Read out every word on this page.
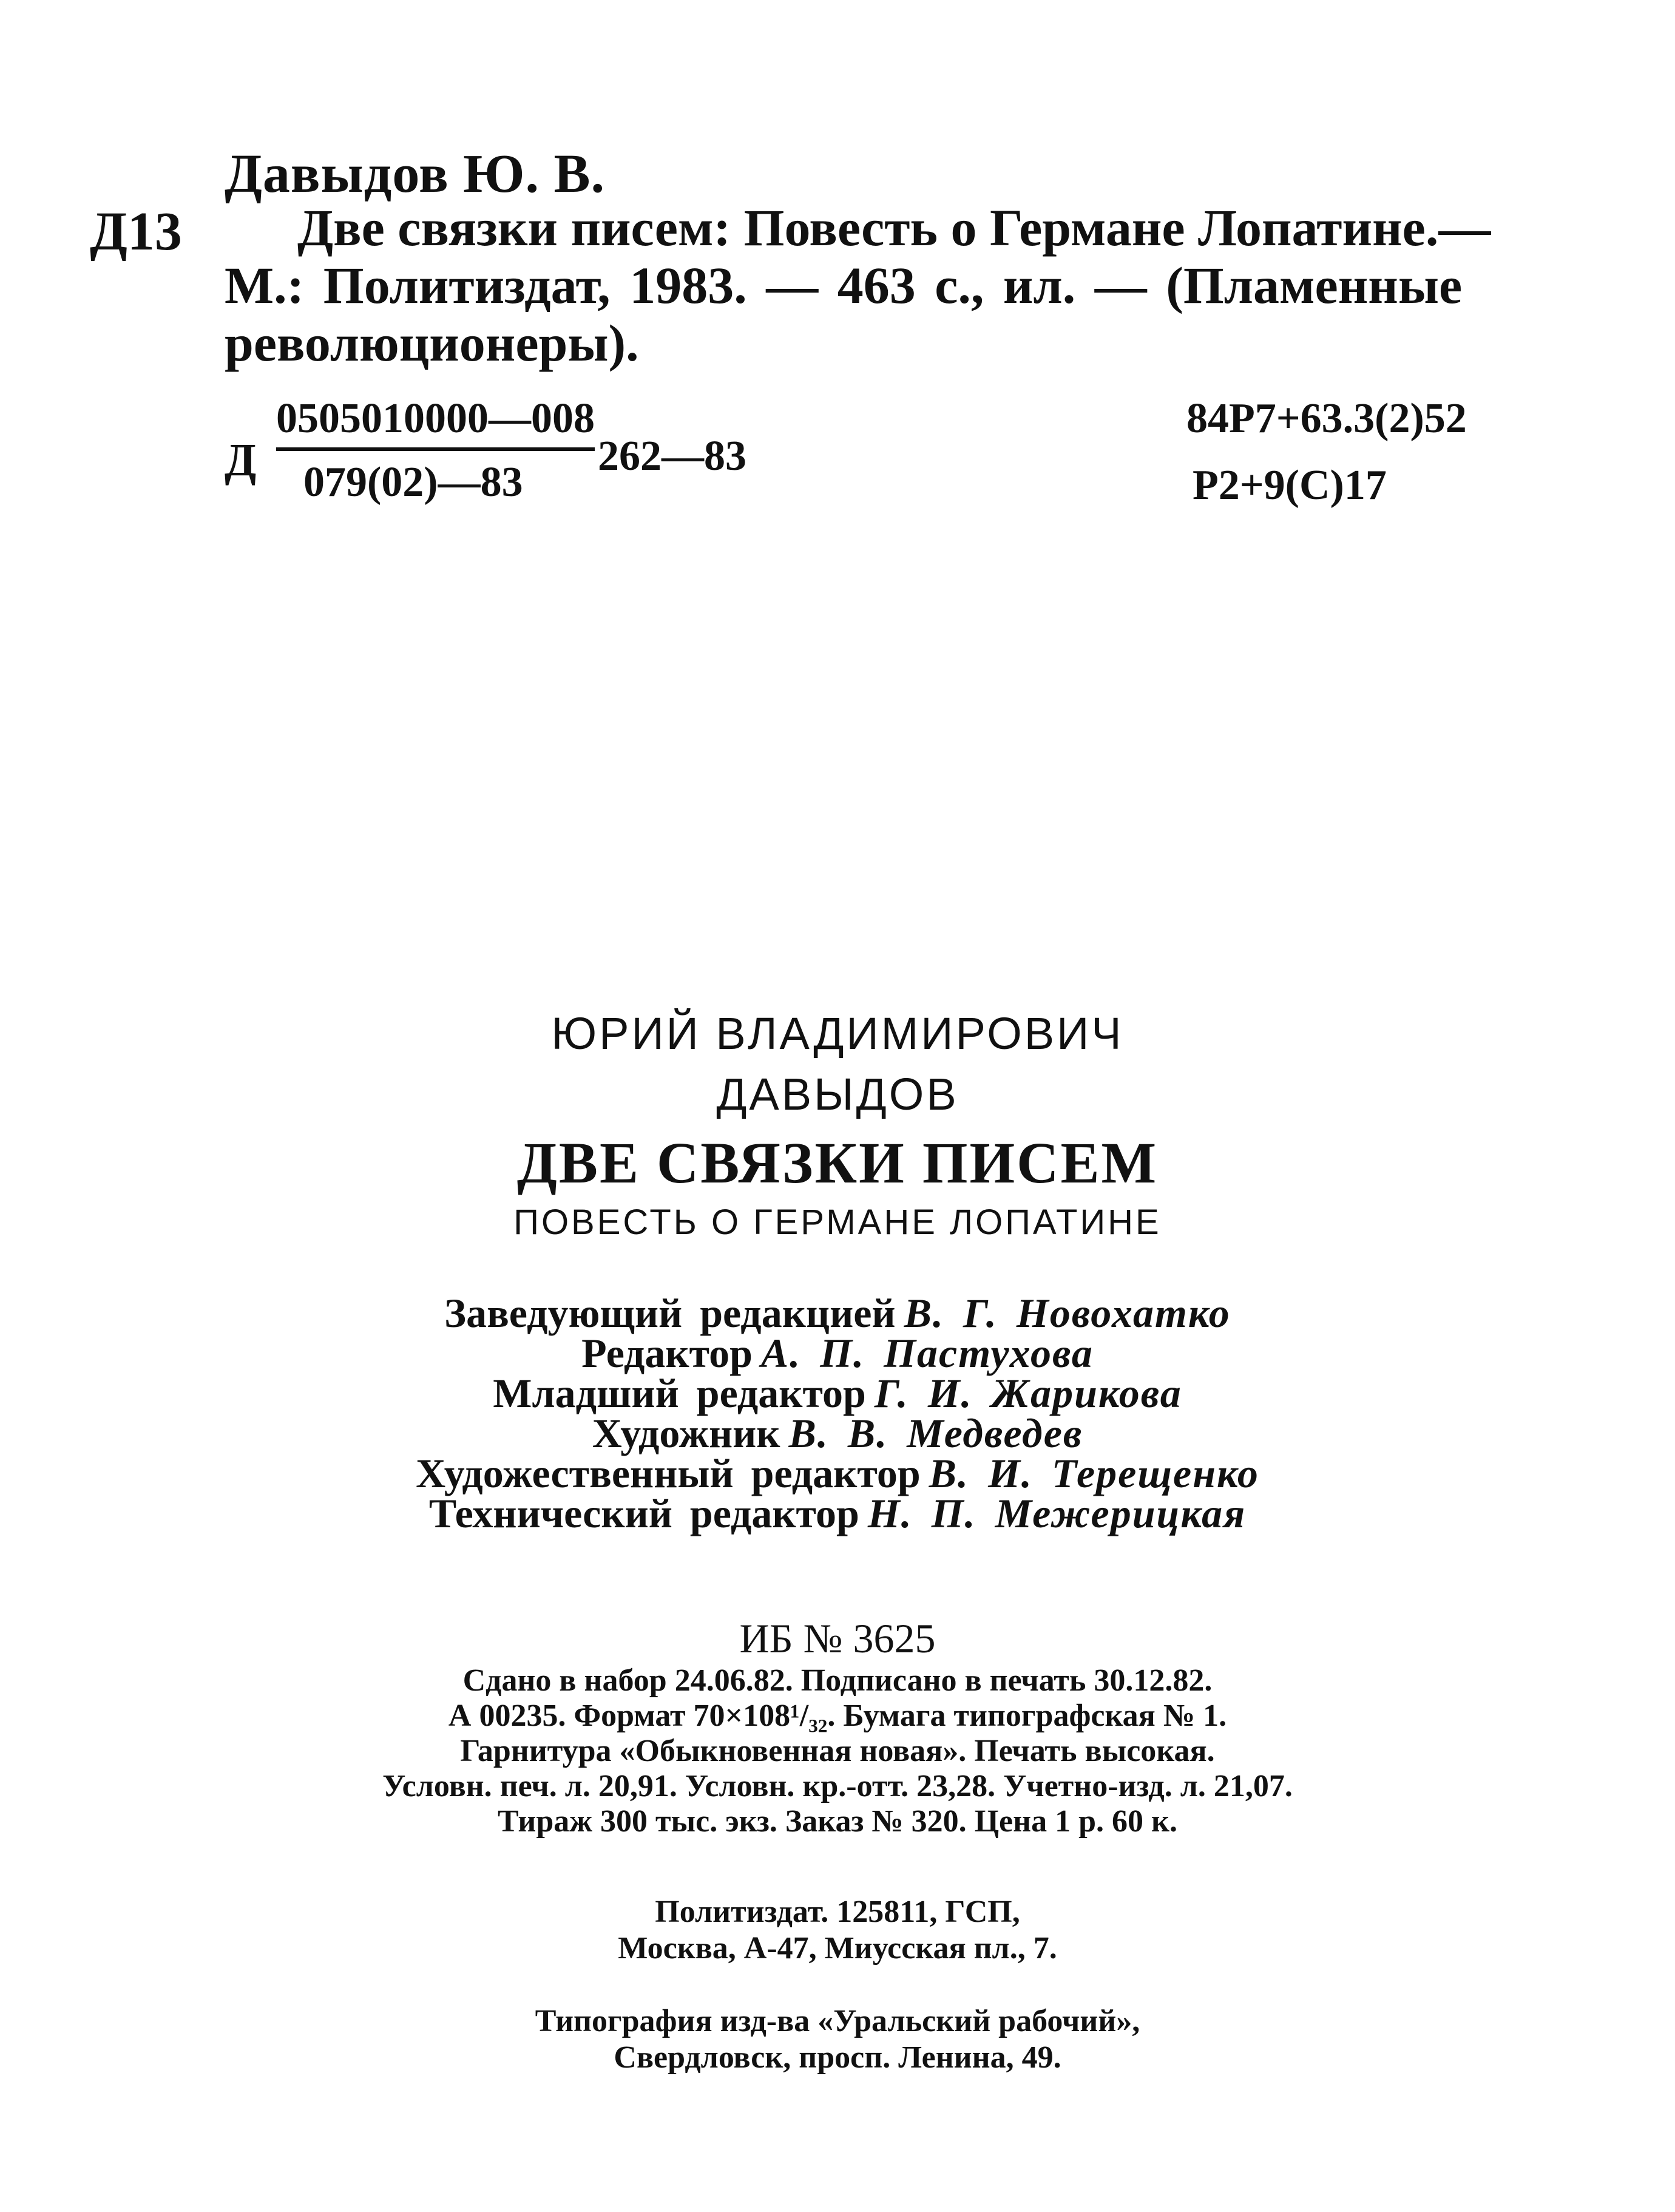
Давыдов Ю. В.
Д13 Две связки писем: Повесть о Германе Лопатине.—
М.: Политиздат, 1983. — 463 с., ил. — (Пламенные
революционеры).
Д
0505010000—008
079(02)—83
262—83
84Р7+63.3(2)52
Р2+9(С)17
ЮРИЙ ВЛАДИМИРОВИЧ
ДАВЫДОВ
ДВЕ СВЯЗКИ ПИСЕМ
ПОВЕСТЬ О ГЕРМАНЕ ЛОПАТИНЕ
Заведующий редакцией В. Г. Новохатко
Редактор А. П. Пастухова
Младший редактор Г. И. Жарикова
Художник В. В. Медведев
Художественный редактор В. И. Терещенко
Технический редактор Н. П. Межерицкая
ИБ № 3625
Сдано в набор 24.06.82. Подписано в печать 30.12.82.
А 00235. Формат 70×108¹/₃₂. Бумага типографская № 1.
Гарнитура «Обыкновенная новая». Печать высокая.
Условн. печ. л. 20,91. Условн. кр.-отт. 23,28. Учетно-изд. л. 21,07.
Тираж 300 тыс. экз. Заказ № 320. Цена 1 р. 60 к.
Политиздат. 125811, ГСП,
Москва, А-47, Миусская пл., 7.
Типография изд-ва «Уральский рабочий»,
Свердловск, просп. Ленина, 49.
